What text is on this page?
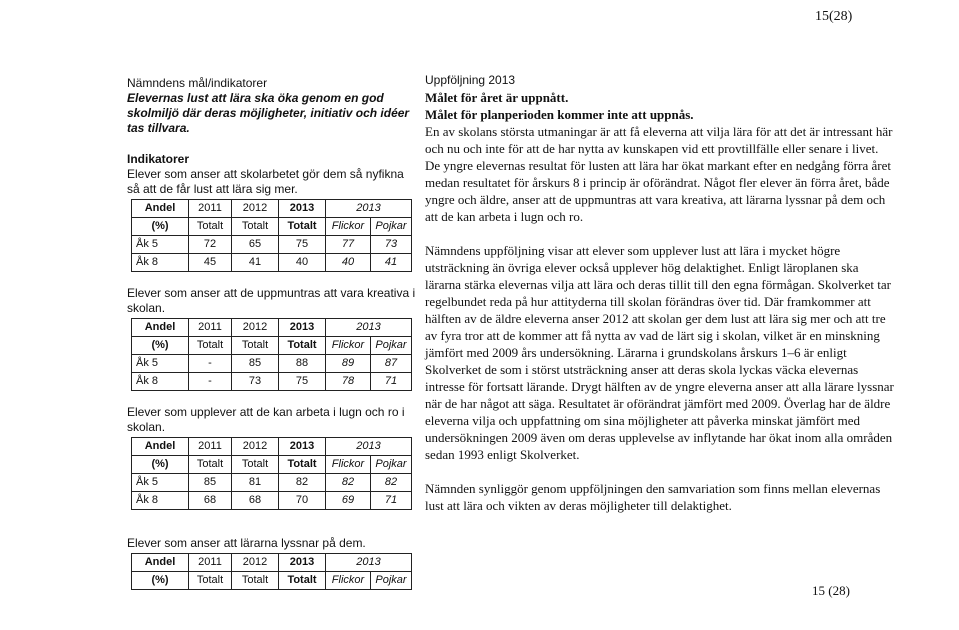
15(28)

Nämndens mål/indikatorer

Elevernas lust att lära ska öka genom en god skolmiljö där deras möjligheter, initiativ och idéer tas tillvara.

Indikatorer

Elever som anser att skolarbetet gör dem så nyfikna så att de får lust att lära sig mer.

Andel	2011	2012	2013	2013	
(%)	Totalt	Totalt	Totalt	Flickor	Pojkar
Åk 5	72	65	75	77	73
Åk 8	45	41	40	40	41

Elever som anser att de uppmuntras att vara kreativa i skolan.

Andel	2011	2012	2013	2013	
(%)	Totalt	Totalt	Totalt	Flickor	Pojkar
Åk 5	-	85	88	89	87
Åk 8	-	73	75	78	71

Elever som upplever att de kan arbeta i lugn och ro i skolan.

Andel	2011	2012	2013	2013	
(%)	Totalt	Totalt	Totalt	Flickor	Pojkar
Åk 5	85	81	82	82	82
Åk 8	68	68	70	69	71

Elever som anser att lärarna lyssnar på dem.

Andel	2011	2012	2013	2013	
(%)	Totalt	Totalt	Totalt	Flickor	Pojkar

Uppföljning 2013

Målet för året är uppnått.

Målet för planperioden kommer inte att uppnås.

En av skolans största utmaningar är att få eleverna att vilja lära för att det är intressant här och nu och inte för att de har nytta av kunskapen vid ett provtillfälle eller senare i livet. De yngre elevernas resultat för lusten att lära har ökat markant efter en nedgång förra året medan resultatet för årskurs 8 i princip är oförändrat. Något fler elever än förra året, både yngre och äldre, anser att de uppmuntras att vara kreativa, att lärarna lyssnar på dem och att de kan arbeta i lugn och ro.

Nämndens uppföljning visar att elever som upplever lust att lära i mycket högre utsträckning än övriga elever också upplever hög delaktighet. Enligt läroplanen ska lärarna stärka elevernas vilja att lära och deras tillit till den egna förmågan. Skolverket tar regelbundet reda på hur attityderna till skolan förändras över tid. Där framkommer att hälften av de äldre eleverna anser 2012 att skolan ger dem lust att lära sig mer och att tre av fyra tror att de kommer att få nytta av vad de lärt sig i skolan, vilket är en minskning jämfört med 2009 års undersökning. Lärarna i grundskolans årskurs 1–6 är enligt Skolverket de som i störst utsträckning anser att deras skola lyckas väcka elevernas intresse för fortsatt lärande. Drygt hälften av de yngre eleverna anser att alla lärare lyssnar när de har något att säga. Resultatet är oförändrat jämfört med 2009. Överlag har de äldre eleverna vilja och uppfattning om sina möjligheter att påverka minskat jämfört med undersökningen 2009 även om deras upplevelse av inflytande har ökat inom alla områden sedan 1993 enligt Skolverket.

Nämnden synliggör genom uppföljningen den samvariation som finns mellan elevernas lust att lära och vikten av deras möjligheter till delaktighet.

15 (28)
